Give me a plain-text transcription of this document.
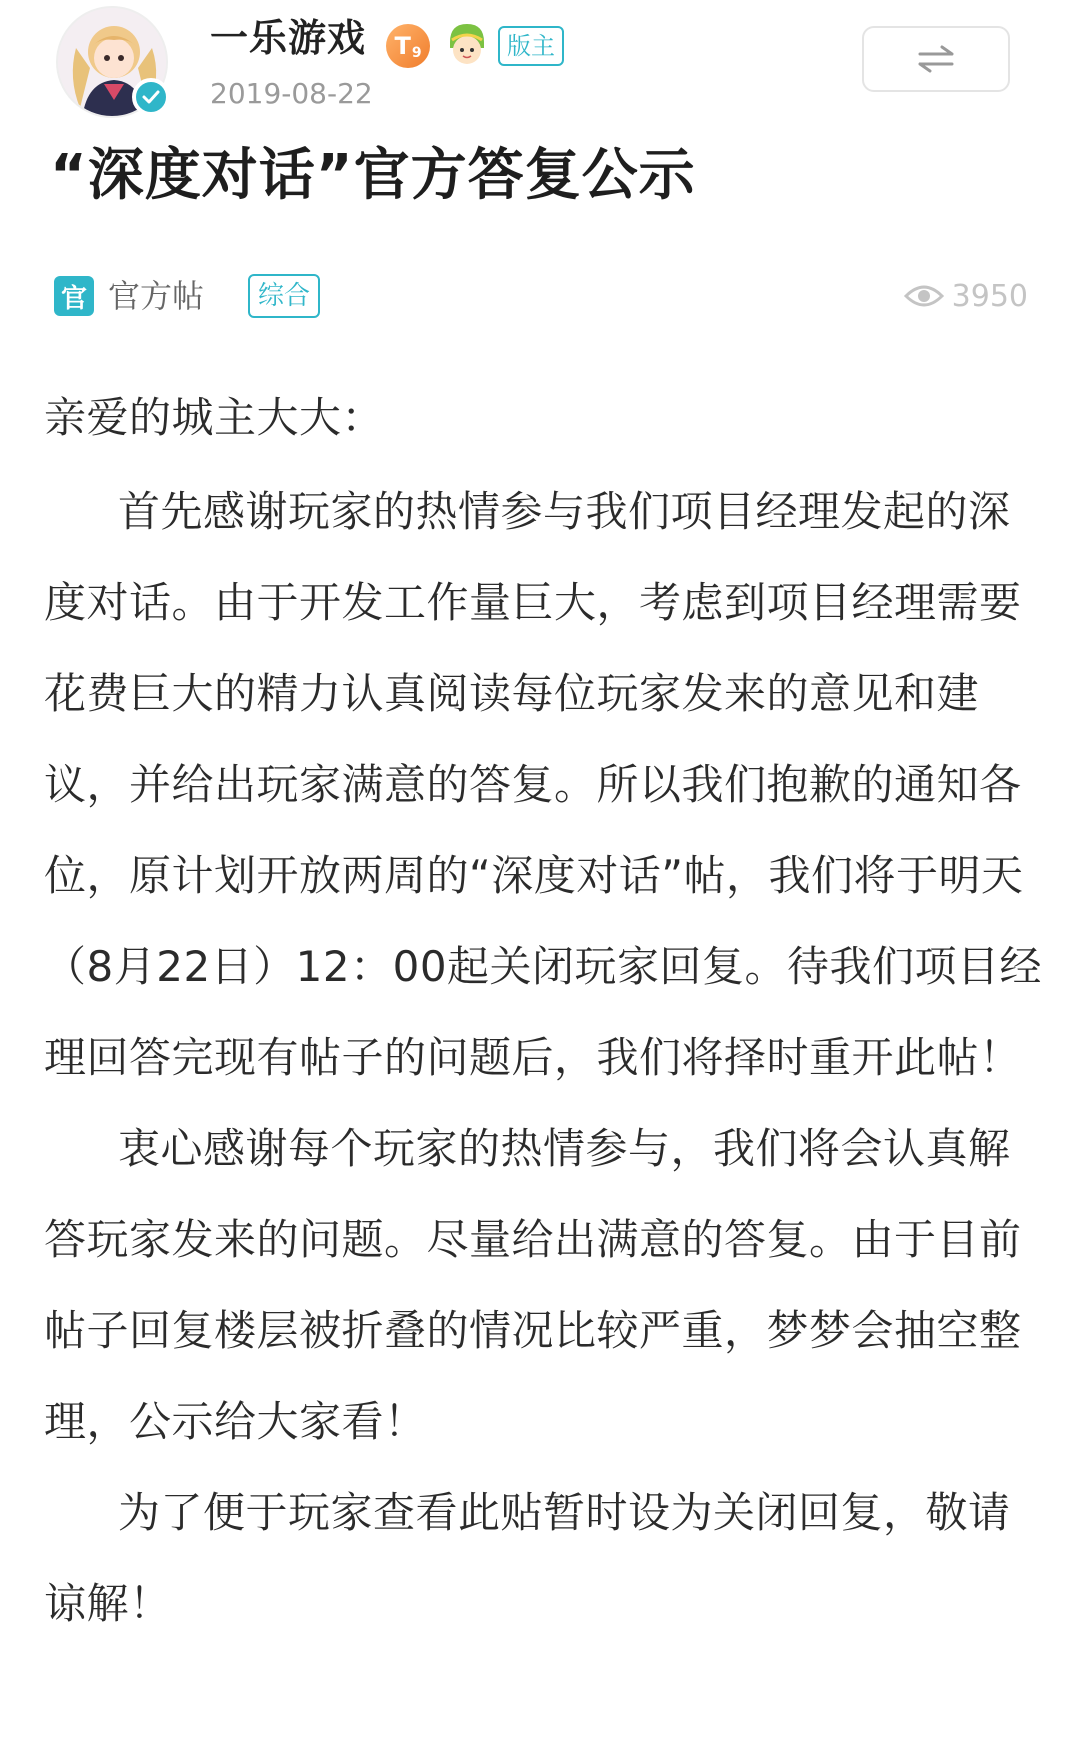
一乐游戏 T 9	版主
2019-08-22
“深度对话”官方答复公示
官 官方帖	综合	3950

亲爱的城主大大：

首先感谢玩家的热情参与我们项目经理发起的深度对话。由于开发工作量巨大，考虑到项目经理需要花费巨大的精力认真阅读每位玩家发来的意见和建议，并给出玩家满意的答复。所以我们抱歉的通知各位，原计划开放两周的“深度对话”帖，我们将于明天（8月22日）12：00起关闭玩家回复。待我们项目经理回答完现有帖子的问题后，我们将择时重开此帖！

衷心感谢每个玩家的热情参与，我们将会认真解答玩家发来的问题。尽量给出满意的答复。由于目前帖子回复楼层被折叠的情况比较严重，梦梦会抽空整理，公示给大家看！

为了便于玩家查看此贴暂时设为关闭回复，敬请谅解！
